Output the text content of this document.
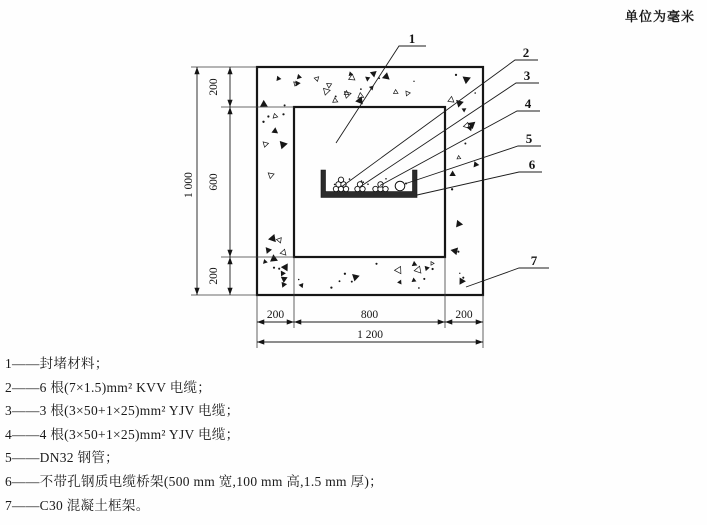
单位为毫米
1
2
3
4
5
6
7
1 000
200
600
200
200	800	200
1 200
1——封堵材料；
2——6 根(7×1.5)mm² KVV 电缆；
3——3 根(3×50+1×25)mm² YJV 电缆；
4——4 根(3×50+1×25)mm² YJV 电缆；
5——DN32 钢管；
6——不带孔钢质电缆桥架(500 mm 宽,100 mm 高,1.5 mm 厚)；
7——C30 混凝土框架。
